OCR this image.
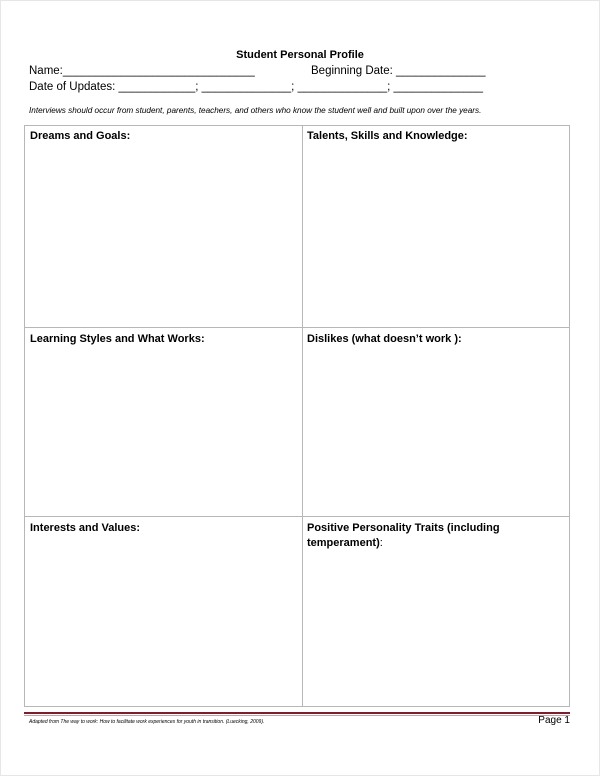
Student Personal Profile
Name:______________________________	Beginning Date: ______________
Date of Updates: ____________; ______________; ______________; ______________
Interviews should occur from student, parents, teachers, and others who know the student well and built upon over the years.
Dreams and Goals:	Talents, Skills and Knowledge:
Learning Styles and What Works:	Dislikes (what doesn’t work ):
Interests and Values:	Positive Personality Traits (including temperament):
Adapted from The way to work: How to facilitate work experiences for youth in transition. (Luecking, 2009).	Page 1
